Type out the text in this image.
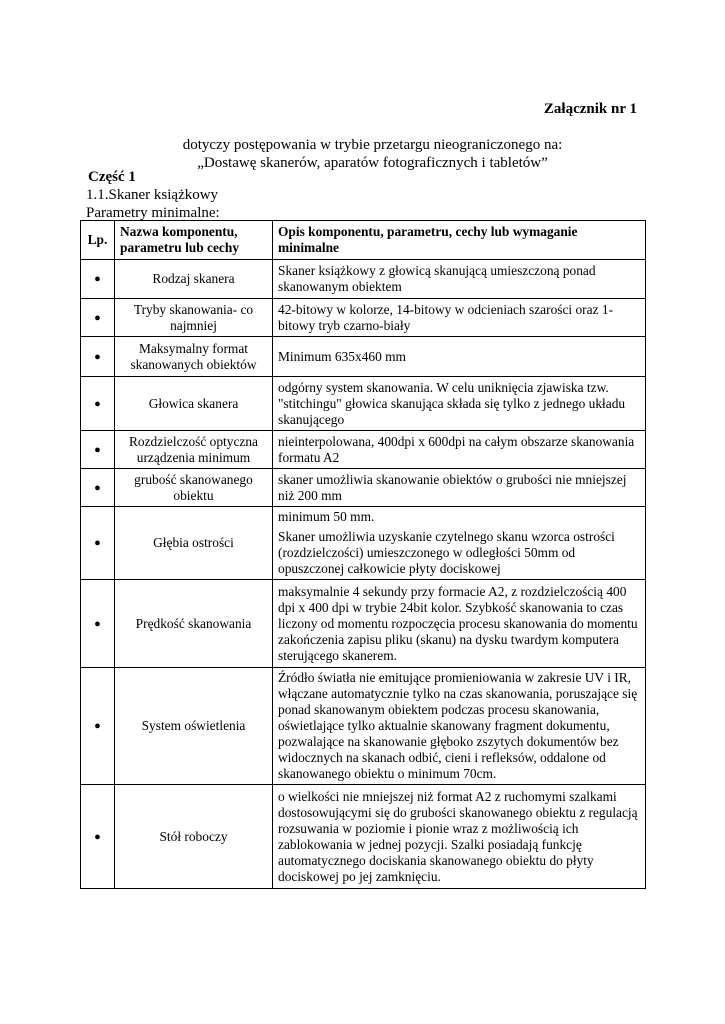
Załącznik nr 1
dotyczy postępowania w trybie przetargu nieograniczonego na:
„Dostawę skanerów, aparatów fotograficznych i tabletów”
Część 1
1.1.Skaner książkowy
Parametry minimalne:
Lp.	Nazwa komponentu, parametru lub cechy	Opis komponentu, parametru, cechy lub wymaganie minimalne
●	Rodzaj skanera	Skaner książkowy z głowicą skanującą umieszczoną ponad skanowanym obiektem

●	Tryby skanowania- co najmniej	42-bitowy w kolorze, 14-bitowy w odcieniach szarości oraz 1-bitowy tryb czarno-biały

●	Maksymalny format skanowanych obiektów	Minimum 635x460 mm

●	Głowica skanera	odgórny system skanowania. W celu uniknięcia zjawiska tzw. "stitchingu" głowica skanująca składa się tylko z jednego układu skanującego

●	Rozdzielczość optyczna urządzenia minimum	nieinterpolowana, 400dpi x 600dpi na całym obszarze skanowania formatu A2

●	grubość skanowanego obiektu	skaner umożliwia skanowanie obiektów o grubości nie mniejszej niż 200 mm

●	Głębia ostrości	minimum 50 mm.

Skaner umożliwia uzyskanie czytelnego skanu wzorca ostrości (rozdzielczości) umieszczonego w odległości 50mm od opuszczonej całkowicie płyty dociskowej

●	Prędkość skanowania	maksymalnie 4 sekundy przy formacie A2, z rozdzielczością 400 dpi x 400 dpi w trybie 24bit kolor. Szybkość skanowania to czas liczony od momentu rozpoczęcia procesu skanowania do momentu zakończenia zapisu pliku (skanu) na dysku twardym komputera sterującego skanerem.

●	System oświetlenia	Źródło światła nie emitujące promieniowania w zakresie UV i IR, włączane automatycznie tylko na czas skanowania, poruszające się ponad skanowanym obiektem podczas procesu skanowania, oświetlające tylko aktualnie skanowany fragment dokumentu, pozwalające na skanowanie głęboko zszytych dokumentów bez widocznych na skanach odbić, cieni i refleksów, oddalone od skanowanego obiektu o minimum 70cm.

●	Stół roboczy	o wielkości nie mniejszej niż format A2 z ruchomymi szalkami dostosowującymi się do grubości skanowanego obiektu z regulacją rozsuwania w poziomie i pionie wraz z możliwością ich zablokowania w jednej pozycji. Szalki posiadają funkcję automatycznego dociskania skanowanego obiektu do płyty dociskowej po jej zamknięciu.
